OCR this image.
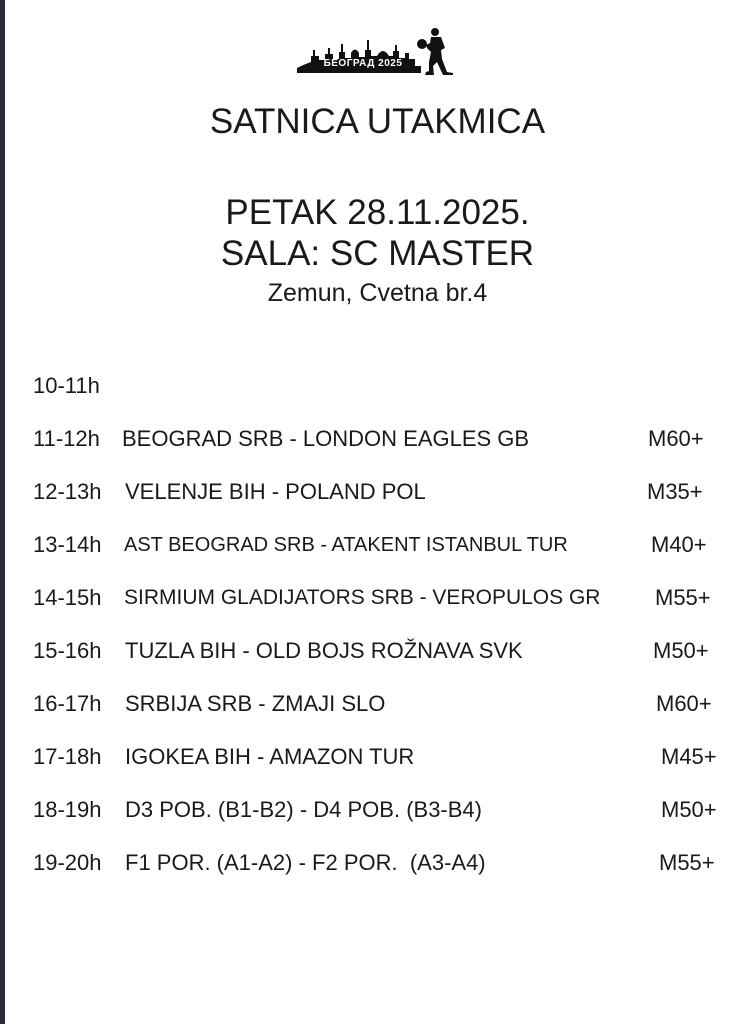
БЕОГРАД 2025
SATNICA UTAKMICA
PETAK 28.11.2025.
SALA: SC MASTER
Zemun, Cvetna br.4
10-11h
11-12h BEOGRAD SRB - LONDON EAGLES GB	M60+
12-13h VELENJE BIH - POLAND POL	M35+
13-14h AST BEOGRAD SRB - ATAKENT ISTANBUL TUR	M40+
14-15h SIRMIUM GLADIJATORS SRB - VEROPULOS GR M55+
15-16h TUZLA BIH - OLD BOJS ROŽNAVA SVK	M50+
16-17h SRBIJA SRB - ZMAJI SLO	M60+
17-18h IGOKEA BIH - AMAZON TUR	M45+
18-19h D3 POB. (B1-B2) - D4 POB. (B3-B4)	M50+
19-20h F1 POR. (A1-A2) - F2 POR.  (A3-A4)	M55+
